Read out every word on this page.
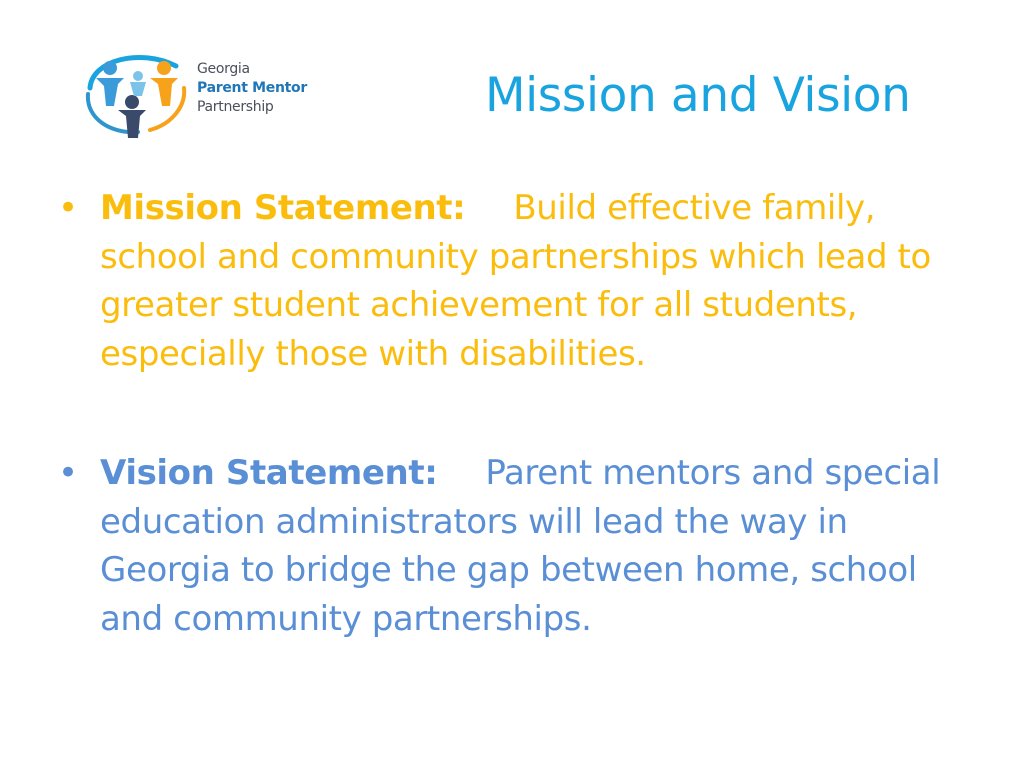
Georgia
Parent Mentor
Partnership	Mission and Vision
• Mission Statement: Build effective family, school and community partnerships which lead to greater student achievement for all students, especially those with disabilities.
• Vision Statement: Parent mentors and special education administrators will lead the way in Georgia to bridge the gap between home, school and community partnerships.
